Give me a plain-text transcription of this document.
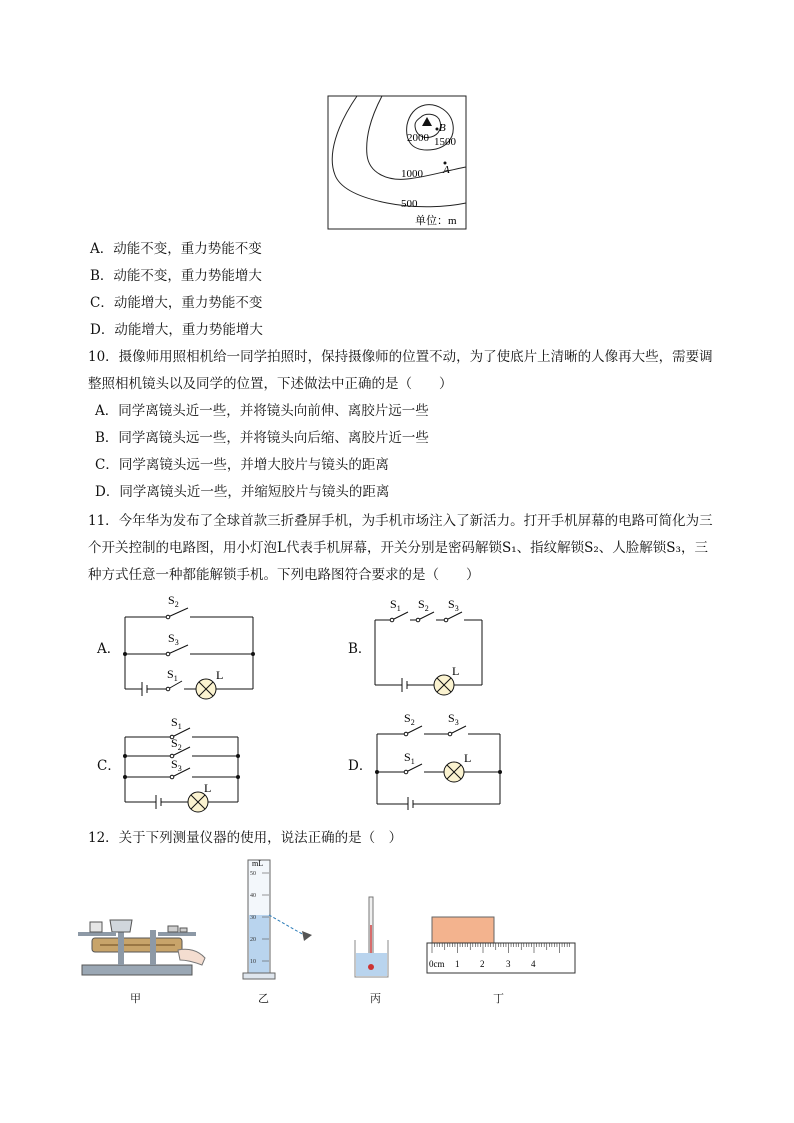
2000 1500
1000
500
B
A
单位：m
A．动能不变，重力势能不变
B．动能不变，重力势能增大
C．动能增大，重力势能不变
D．动能增大，重力势能增大
10．摄像师用照相机给一同学拍照时，保持摄像师的位置不动，为了使底片上清晰的人像再大些，需要调
整照相机镜头以及同学的位置，下述做法中正确的是（　　）
A．同学离镜头近一些，并将镜头向前伸、离胶片远一些
B．同学离镜头远一些，并将镜头向后缩、离胶片近一些
C．同学离镜头远一些，并增大胶片与镜头的距离
D．同学离镜头近一些，并缩短胶片与镜头的距离
11．今年华为发布了全球首款三折叠屏手机，为手机市场注入了新活力。打开手机屏幕的电路可简化为三
个开关控制的电路图，用小灯泡L代表手机屏幕，开关分别是密码解锁S₁、指纹解锁S₂、人脸解锁S₃，三
种方式任意一种都能解锁手机。下列电路图符合要求的是（　　）
A．
$S_2$
$S_3$
$S_1$	L
B．
$S_1$ $S_2$ $S_3$
L
C．
$S_1$
$S_2$
$S_3$
L
D．
$S_2$	$S_3$
$S_1$	L
12．关于下列测量仪器的使用，说法正确的是（　）
甲
mL
50
40
30
20
10
乙	丙
0cm 1 2 3 4
丁
